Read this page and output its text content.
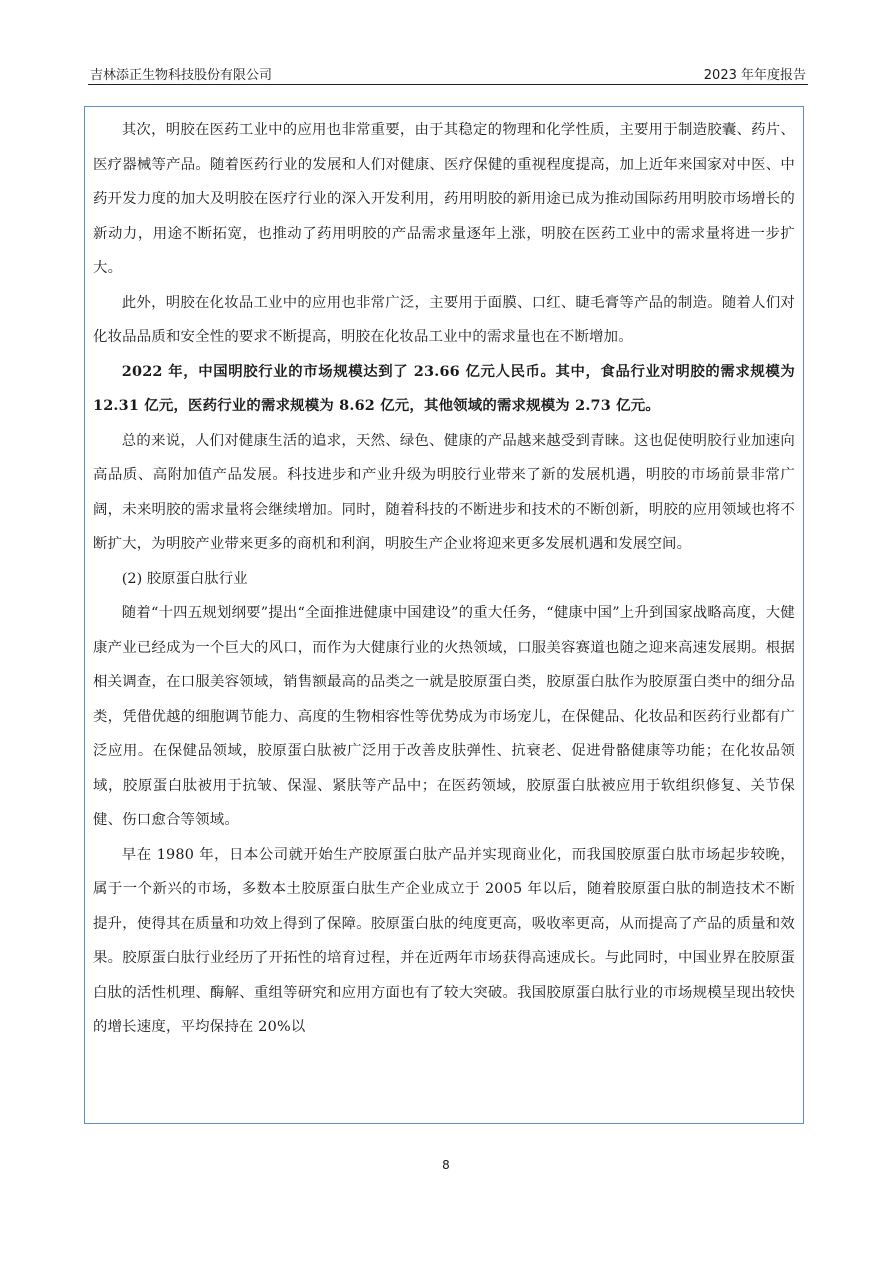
吉林添正生物科技股份有限公司	2023 年年度报告

其次，明胶在医药工业中的应用也非常重要，由于其稳定的物理和化学性质，主要用于制造胶囊、药片、医疗器械等产品。随着医药行业的发展和人们对健康、医疗保健的重视程度提高，加上近年来国家对中医、中药开发力度的加大及明胶在医疗行业的深入开发利用，药用明胶的新用途已成为推动国际药用明胶市场增长的新动力，用途不断拓宽，也推动了药用明胶的产品需求量逐年上涨，明胶在医药工业中的需求量将进一步扩大。

此外，明胶在化妆品工业中的应用也非常广泛，主要用于面膜、口红、睫毛膏等产品的制造。随着人们对化妆品品质和安全性的要求不断提高，明胶在化妆品工业中的需求量也在不断增加。

2022 年，中国明胶行业的市场规模达到了 23.66 亿元人民币。其中，食品行业对明胶的需求规模为 12.31 亿元，医药行业的需求规模为 8.62 亿元，其他领域的需求规模为 2.73 亿元。

总的来说，人们对健康生活的追求，天然、绿色、健康的产品越来越受到青睐。这也促使明胶行业加速向高品质、高附加值产品发展。科技进步和产业升级为明胶行业带来了新的发展机遇，明胶的市场前景非常广阔，未来明胶的需求量将会继续增加。同时，随着科技的不断进步和技术的不断创新，明胶的应用领域也将不断扩大，为明胶产业带来更多的商机和利润，明胶生产企业将迎来更多发展机遇和发展空间。

(2) 胶原蛋白肽行业

随着“十四五规划纲要”提出“全面推进健康中国建设”的重大任务，“健康中国”上升到国家战略高度，大健康产业已经成为一个巨大的风口，而作为大健康行业的火热领域，口服美容赛道也随之迎来高速发展期。根据相关调查，在口服美容领域，销售额最高的品类之一就是胶原蛋白类，胶原蛋白肽作为胶原蛋白类中的细分品类，凭借优越的细胞调节能力、高度的生物相容性等优势成为市场宠儿，在保健品、化妆品和医药行业都有广泛应用。在保健品领域，胶原蛋白肽被广泛用于改善皮肤弹性、抗衰老、促进骨骼健康等功能；在化妆品领域，胶原蛋白肽被用于抗皱、保湿、紧肤等产品中；在医药领域，胶原蛋白肽被应用于软组织修复、关节保健、伤口愈合等领域。

早在 1980 年，日本公司就开始生产胶原蛋白肽产品并实现商业化，而我国胶原蛋白肽市场起步较晚，属于一个新兴的市场，多数本土胶原蛋白肽生产企业成立于 2005 年以后，随着胶原蛋白肽的制造技术不断提升，使得其在质量和功效上得到了保障。胶原蛋白肽的纯度更高，吸收率更高，从而提高了产品的质量和效果。胶原蛋白肽行业经历了开拓性的培育过程，并在近两年市场获得高速成长。与此同时，中国业界在胶原蛋白肽的活性机理、酶解、重组等研究和应用方面也有了较大突破。我国胶原蛋白肽行业的市场规模呈现出较快的增长速度，平均保持在 20%以

8
